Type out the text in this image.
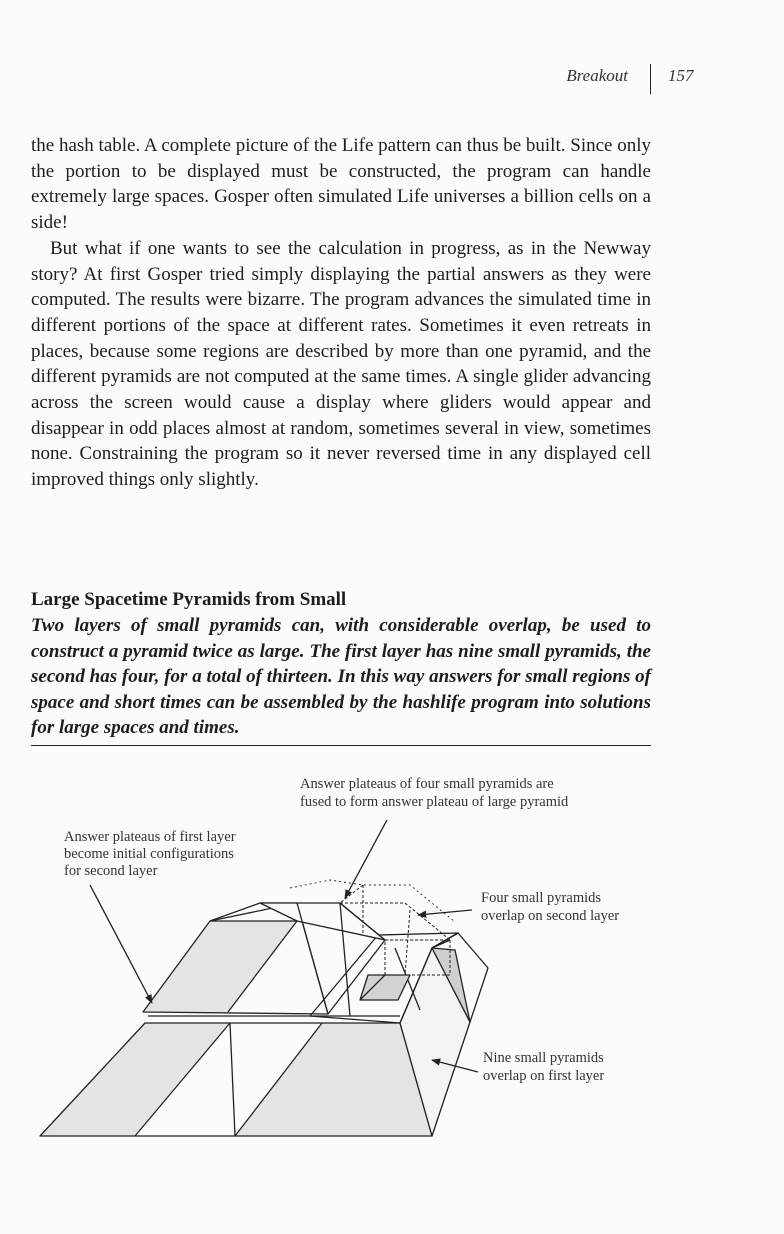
Breakout 157

the hash table. A complete picture of the Life pattern can thus be built. Since only the portion to be displayed must be constructed, the program can handle extremely large spaces. Gosper often simulated Life universes a billion cells on a side!

But what if one wants to see the calculation in progress, as in the Newway story? At first Gosper tried simply displaying the partial answers as they were computed. The results were bizarre. The program advances the simulated time in different portions of the space at different rates. Sometimes it even retreats in places, because some regions are described by more than one pyramid, and the different pyramids are not computed at the same times. A single glider advancing across the screen would cause a display where gliders would appear and disappear in odd places almost at random, sometimes several in view, sometimes none. Constraining the program so it never reversed time in any displayed cell improved things only slightly.

Large Spacetime Pyramids from Small

Two layers of small pyramids can, with considerable overlap, be used to construct a pyramid twice as large. The first layer has nine small pyramids, the second has four, for a total of thirteen. In this way answers for small regions of space and short times can be assembled by the hashlife program into solutions for large spaces and times.

Answer plateaus of four small pyramids are
fused to form answer plateau of large pyramid
Answer plateaus of first layer
become initial configurations
for second layer
Four small pyramids
overlap on second layer
Nine small pyramids
overlap on first layer
